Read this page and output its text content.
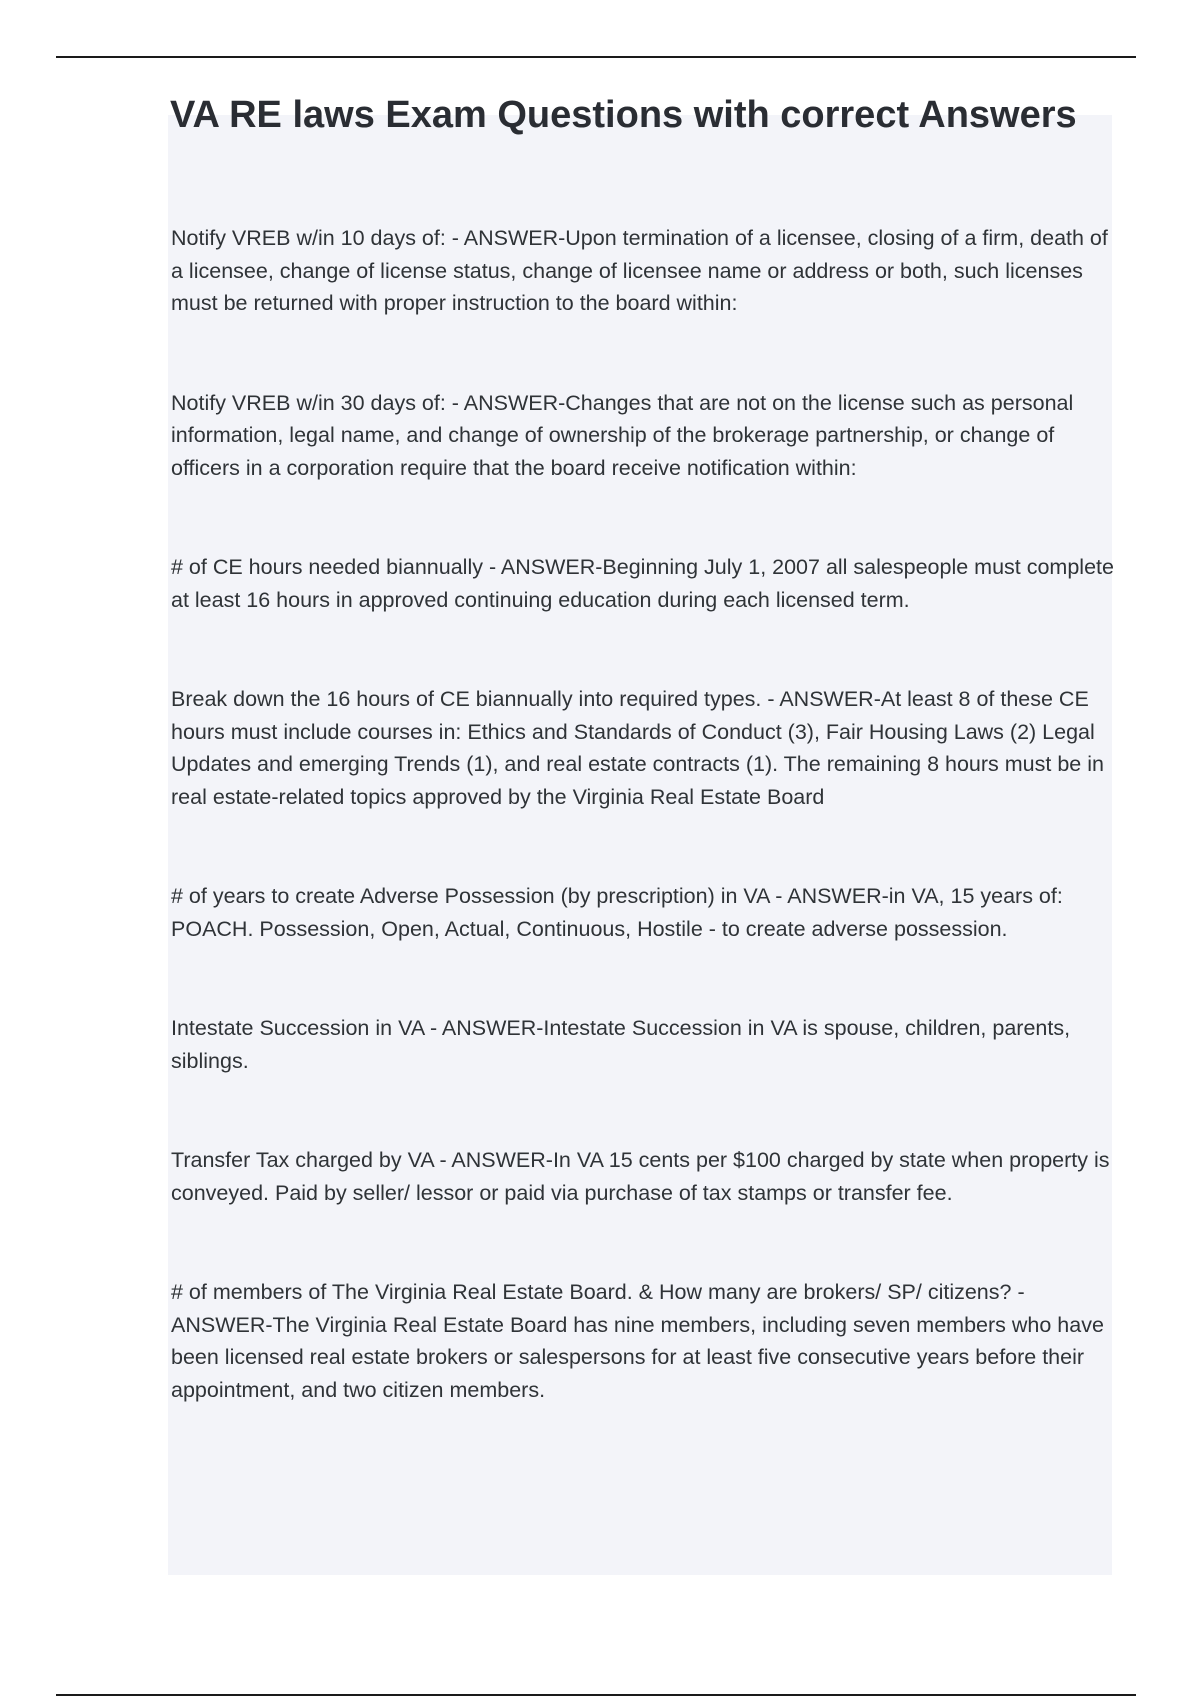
VA RE laws Exam Questions with correct Answers
Notify VREB w/in 10 days of: - ANSWER-Upon termination of a licensee, closing of a firm, death of a licensee, change of license status, change of licensee name or address or both, such licenses must be returned with proper instruction to the board within:
Notify VREB w/in 30 days of: - ANSWER-Changes that are not on the license such as personal information, legal name, and change of ownership of the brokerage partnership, or change of officers in a corporation require that the board receive notification within:
# of CE hours needed biannually - ANSWER-Beginning July 1, 2007 all salespeople must complete at least 16 hours in approved continuing education during each licensed term.
Break down the 16 hours of CE biannually into required types. - ANSWER-At least 8 of these CE hours must include courses in: Ethics and Standards of Conduct (3), Fair Housing Laws (2) Legal Updates and emerging Trends (1), and real estate contracts (1). The remaining 8 hours must be in real estate-related topics approved by the Virginia Real Estate Board
# of years to create Adverse Possession (by prescription) in VA - ANSWER-in VA, 15 years of: POACH. Possession, Open, Actual, Continuous, Hostile - to create adverse possession.
Intestate Succession in VA - ANSWER-Intestate Succession in VA is spouse, children, parents, siblings.
Transfer Tax charged by VA - ANSWER-In VA 15 cents per $100 charged by state when property is conveyed. Paid by seller/ lessor or paid via purchase of tax stamps or transfer fee.
# of members of The Virginia Real Estate Board. & How many are brokers/ SP/ citizens? - ANSWER-The Virginia Real Estate Board has nine members, including seven members who have been licensed real estate brokers or salespersons for at least five consecutive years before their appointment, and two citizen members.
